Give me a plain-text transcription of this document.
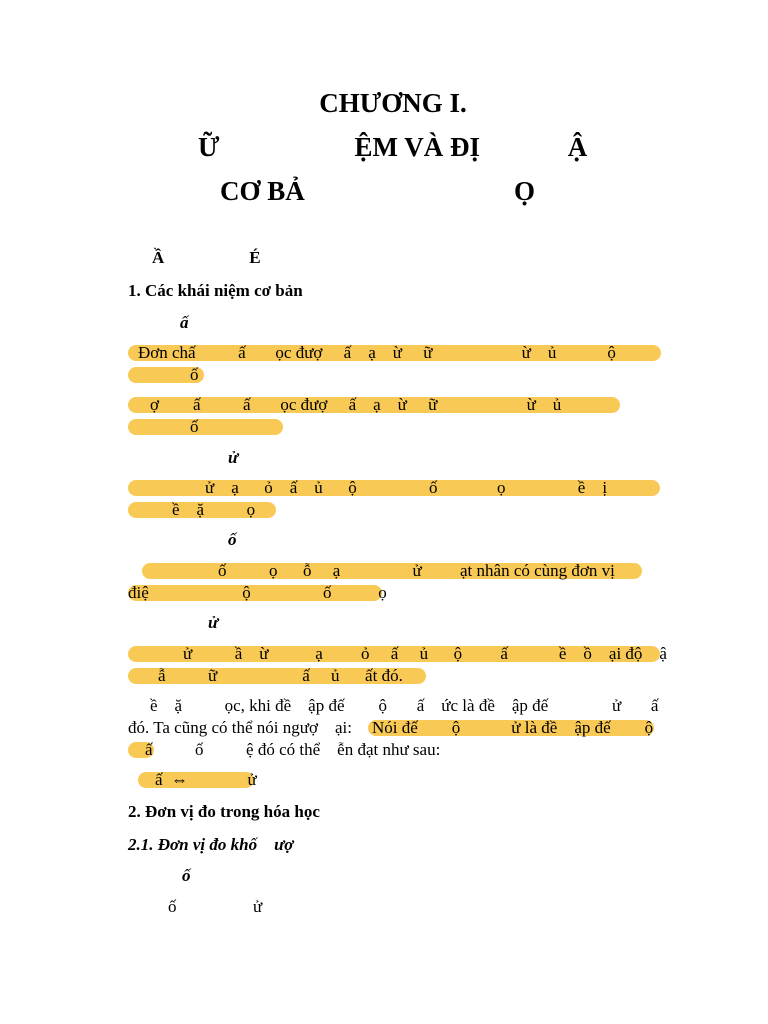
CHƯƠNG I.
Ữ                    ỆM VÀ ĐỊ             Ậ
CƠ BẢ                               Ọ
Ầ                    É
1. Các khái niệm cơ bản
ấ
Đơn chấ          ấ       ọc đượ     ấ    ạ    ừ     ữ                     ừ    ủ            ộ
ố
ợ        ấ          ấ       ọc đượ     ấ    ạ    ừ     ữ                     ừ    ủ
ố
ử
ử    ạ      ỏ    ấ    ủ      ộ                 ố              ọ                 ề    ị
ề    ặ          ọ
ố
ố          ọ      ỗ     ạ                 ử         ạt nhân có cùng đơn vị
điệ                      ộ                 ố           ọ
ử
ử          ầ    ừ           ạ         ỏ     ấ     ủ      ộ         ấ            ề    ồ    ại độ    ậ
ẫ          ữ                    ấ     ủ      ất đó.
ề    ặ          ọc, khi đề    ập đế        ộ       ấ    ức là đề    ập đế               ử       ấ
đó. Ta cũng có thể nói ngượ    ại: Nói đế        ộ            ử là đề    ập đế        ộ
ấ          ố          ệ đó có thể    ễn đạt như sau:
ấ  ⇔              ử
2. Đơn vị đo trong hóa học
2.1. Đơn vị đo khố    ượ
ố
ố                  ử
